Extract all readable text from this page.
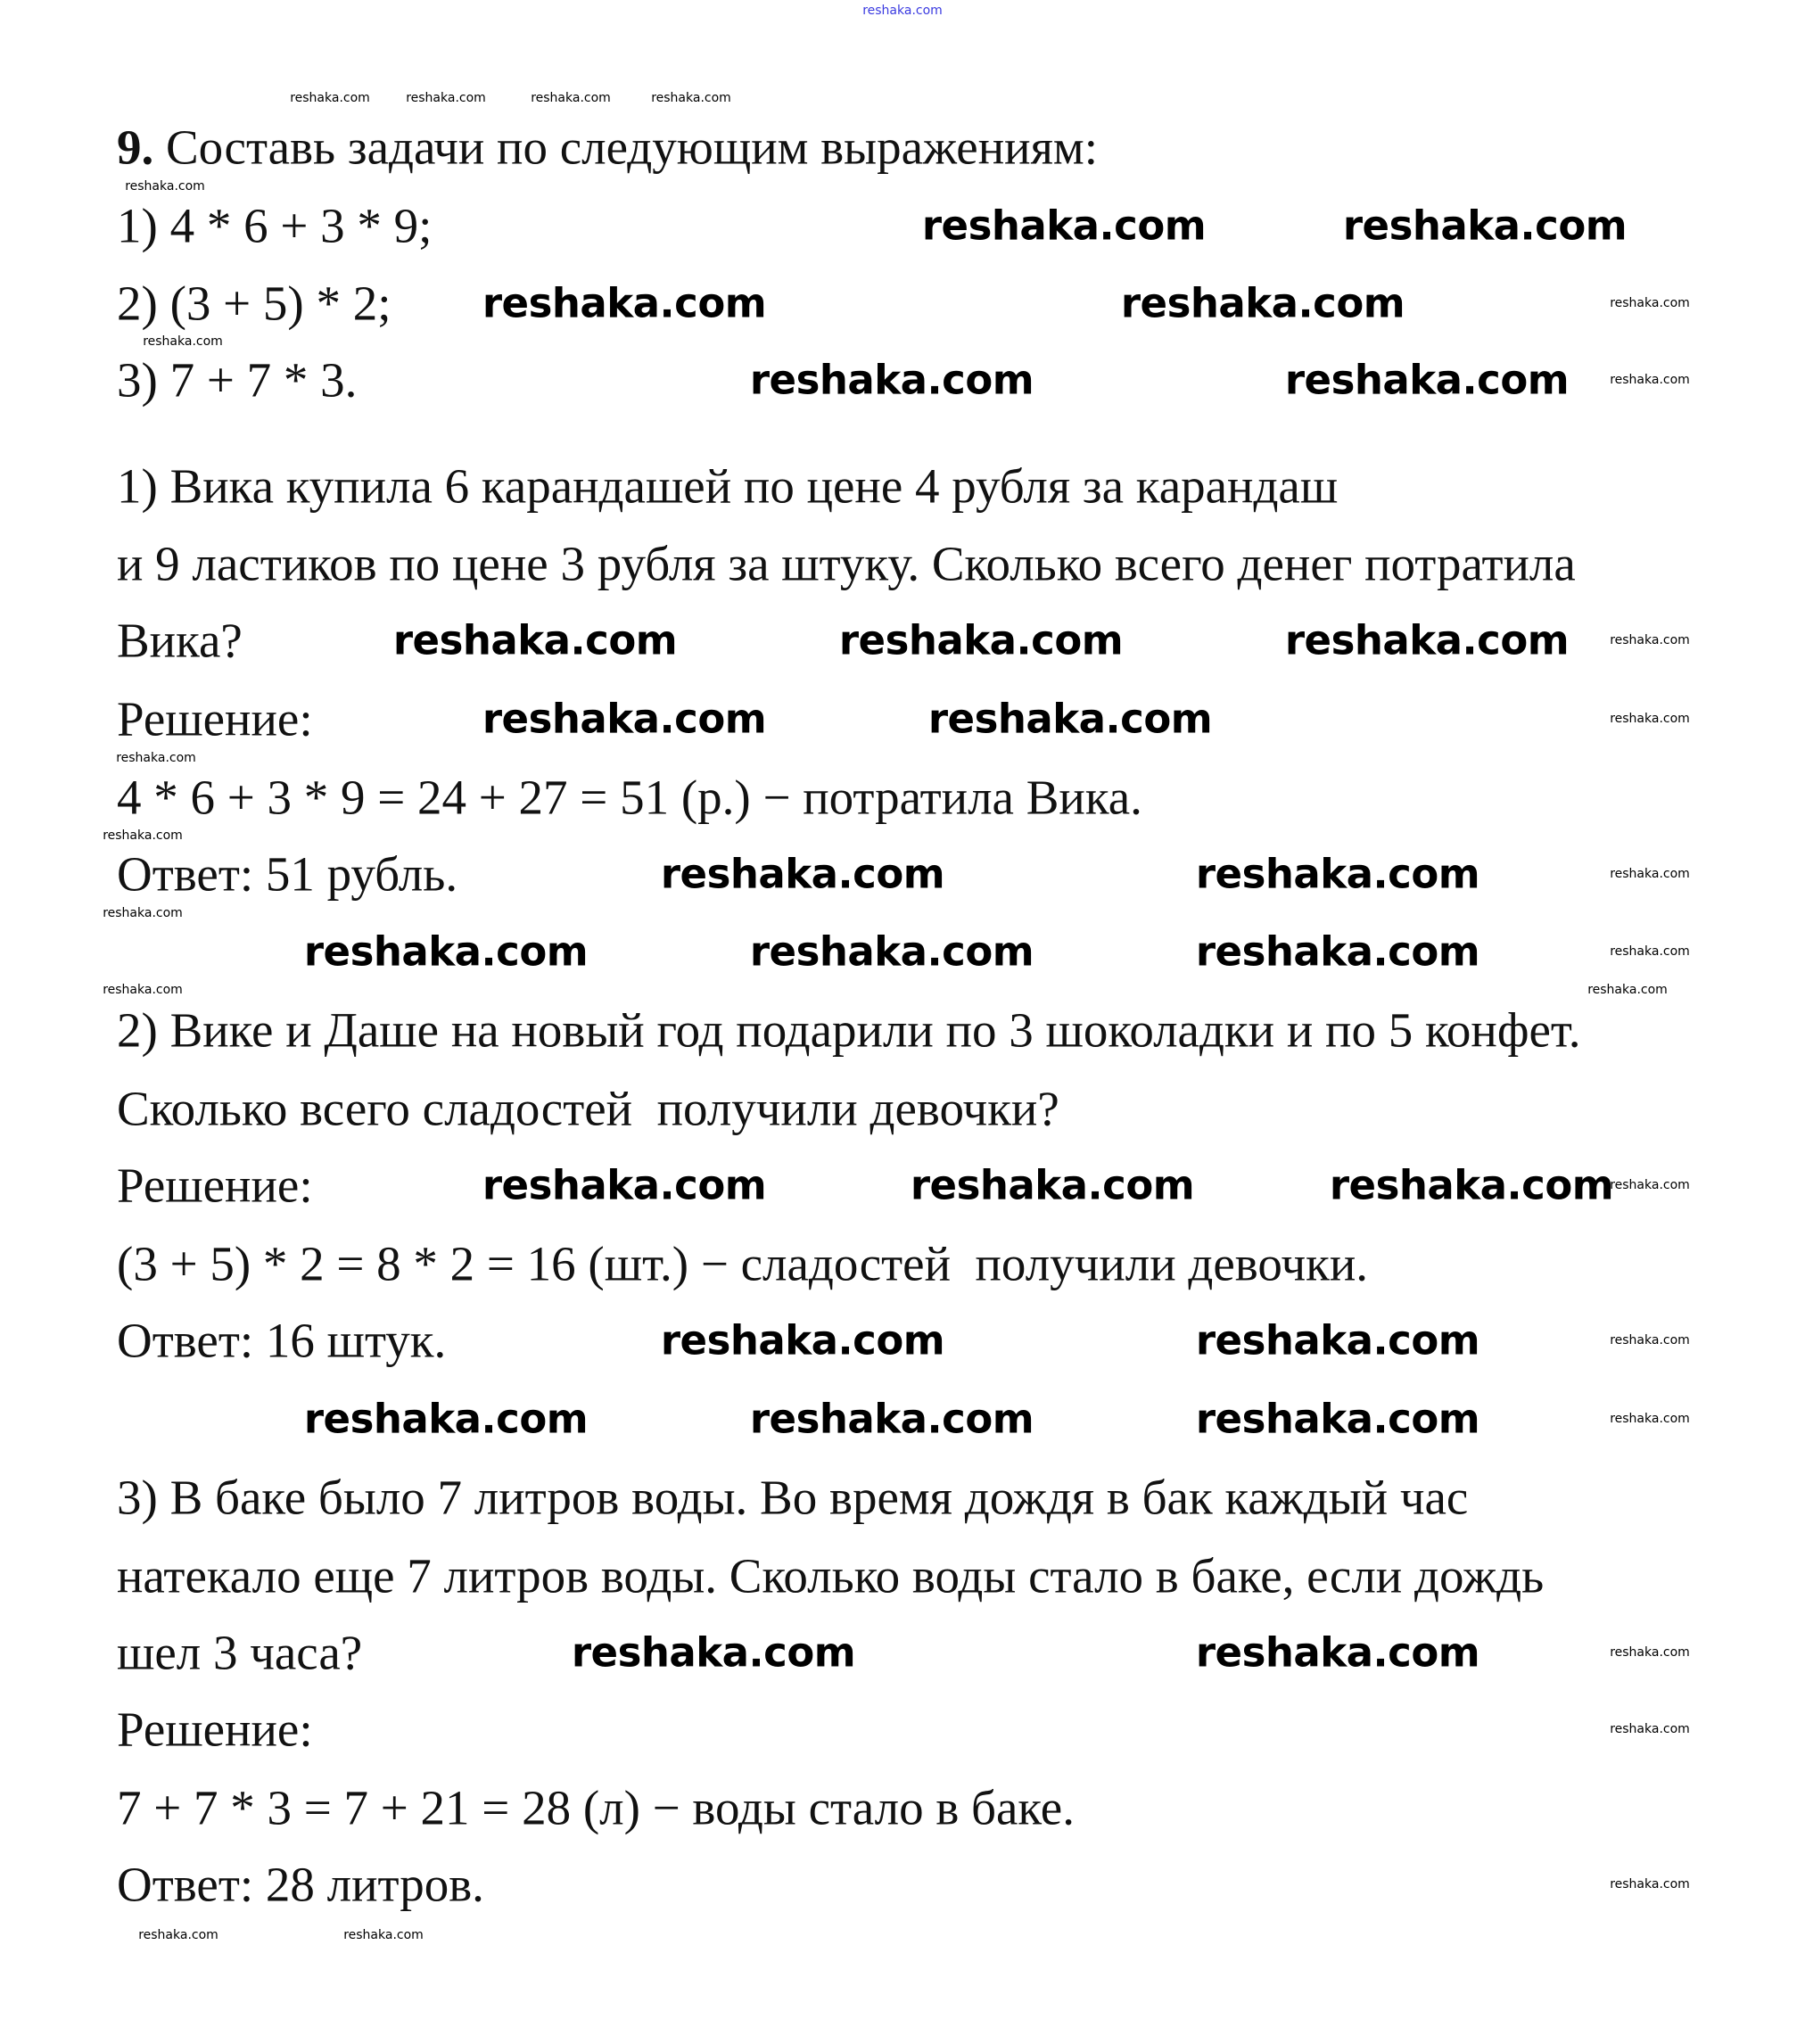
9. Составь задачи по следующим выражениям:
1) 4 * 6 + 3 * 9;
2) (3 + 5) * 2;
3) 7 + 7 * 3.
1) Вика купила 6 карандашей по цене 4 рубля за карандаш
и 9 ластиков по цене 3 рубля за штуку. Сколько всего денег потратила
Вика?
Решение:
4 * 6 + 3 * 9 = 24 + 27 = 51 (р.) − потратила Вика.
Ответ: 51 рубль.
2) Вике и Даше на новый год подарили по 3 шоколадки и по 5 конфет.
Сколько всего сладостей  получили девочки?
Решение:
(3 + 5) * 2 = 8 * 2 = 16 (шт.) − сладостей  получили девочки.
Ответ: 16 штук.
3) В баке было 7 литров воды. Во время дождя в бак каждый час
натекало еще 7 литров воды. Сколько воды стало в баке, если дождь
шел 3 часа?
Решение:
7 + 7 * 3 = 7 + 21 = 28 (л) − воды стало в баке.
Ответ: 28 литров.
reshaka.com
reshaka.com	reshaka.com
reshaka.com	reshaka.com
reshaka.com	reshaka.com
reshaka.com	reshaka.com	reshaka.com
reshaka.com	reshaka.com
reshaka.com	reshaka.com
reshaka.com	reshaka.com	reshaka.com
reshaka.com	reshaka.com	reshaka.com
reshaka.com	reshaka.com
reshaka.com	reshaka.com	reshaka.com
reshaka.com	reshaka.com
reshaka.com	reshaka.com	reshaka.com	reshaka.com
reshaka.com
reshaka.com
reshaka.com
reshaka.com
reshaka.com
reshaka.com
reshaka.com
reshaka.com
reshaka.com
reshaka.com
reshaka.com
reshaka.com
reshaka.com
reshaka.com
reshaka.com
reshaka.com
reshaka.com
reshaka.com
reshaka.com
reshaka.com	reshaka.com
